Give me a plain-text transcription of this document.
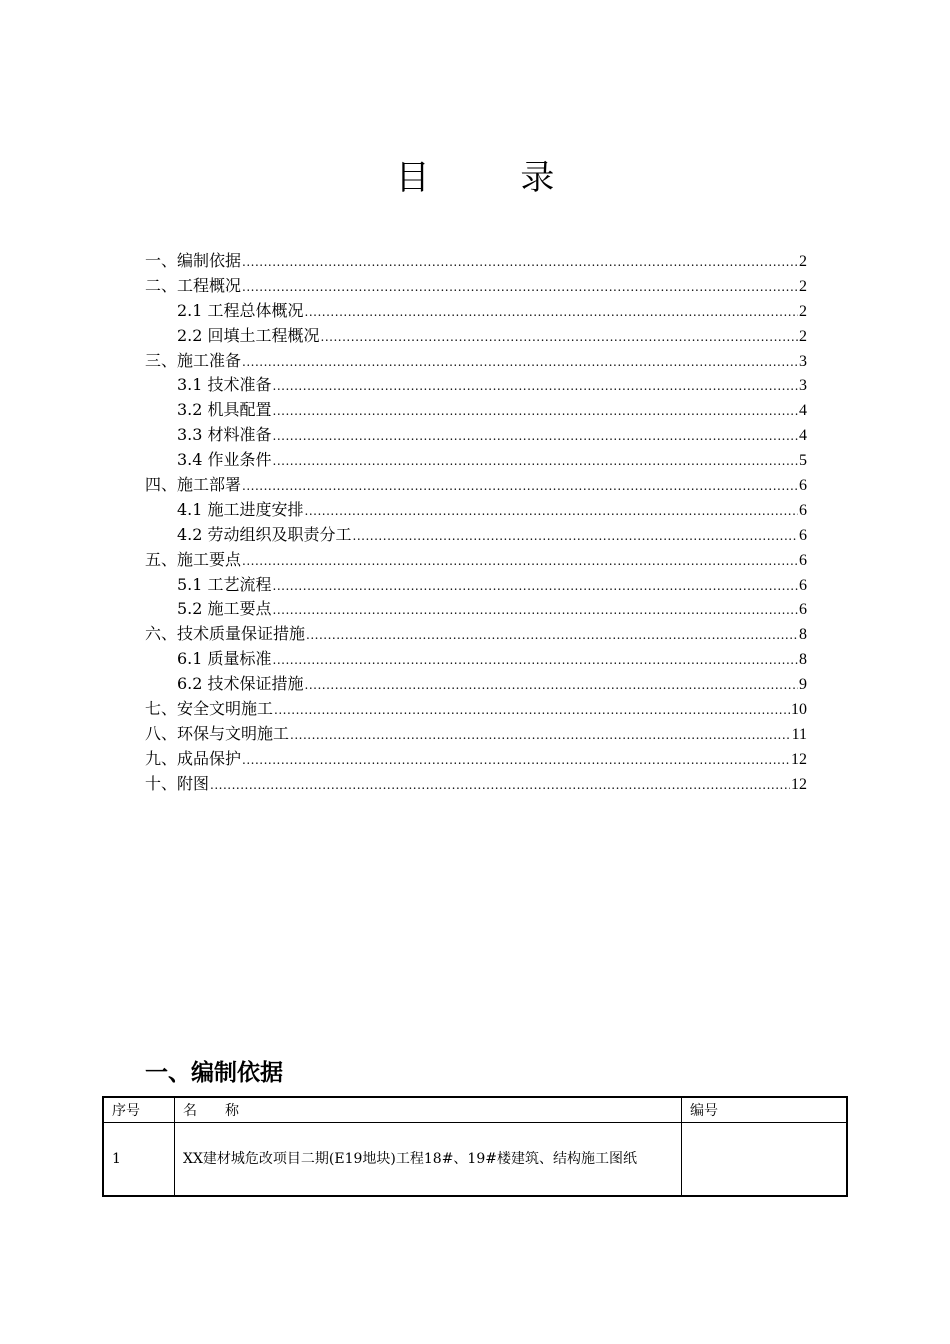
目 录
一、编制依据 .....	2
二、工程概况 .....	2
2.1 工程总体概况 .....	2
2.2 回填土工程概况 .....	2
三、施工准备 .....	3
3.1 技术准备 .....	3
3.2 机具配置 .....	4
3.3 材料准备 .....	4
3.4 作业条件 .....	5
四、施工部署 .....	6
4.1 施工进度安排 .....	6
4.2 劳动组织及职责分工 .....	6
五、施工要点 .....	6
5.1 工艺流程 .....	6
5.2 施工要点 .....	6
六、技术质量保证措施 .....	8
6.1 质量标准 .....	8
6.2 技术保证措施 .....	9
七、安全文明施工 .....	10
八、环保与文明施工 .....	11
九、成品保护 .....	12
十、附图 .....	12
一、编制依据
序号	名　　称	编号
1	XX建材城危改项目二期(E19地块)工程18#、19#楼建筑、结构施工图纸	
